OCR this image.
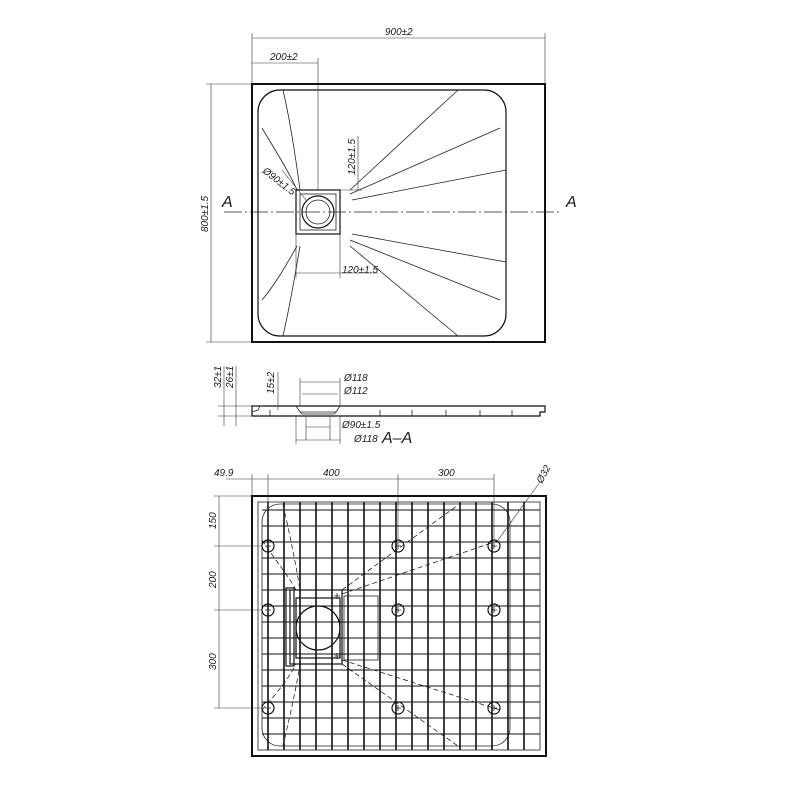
A	A
900±2
200±2
800±1.5
Ø90±1.5
120±1.5
120±1.5
32±1 26±1	15±2	Ø118
Ø112
Ø90±1.5
Ø118 A–A
49.9	400	300	Ø32
150
200
300
